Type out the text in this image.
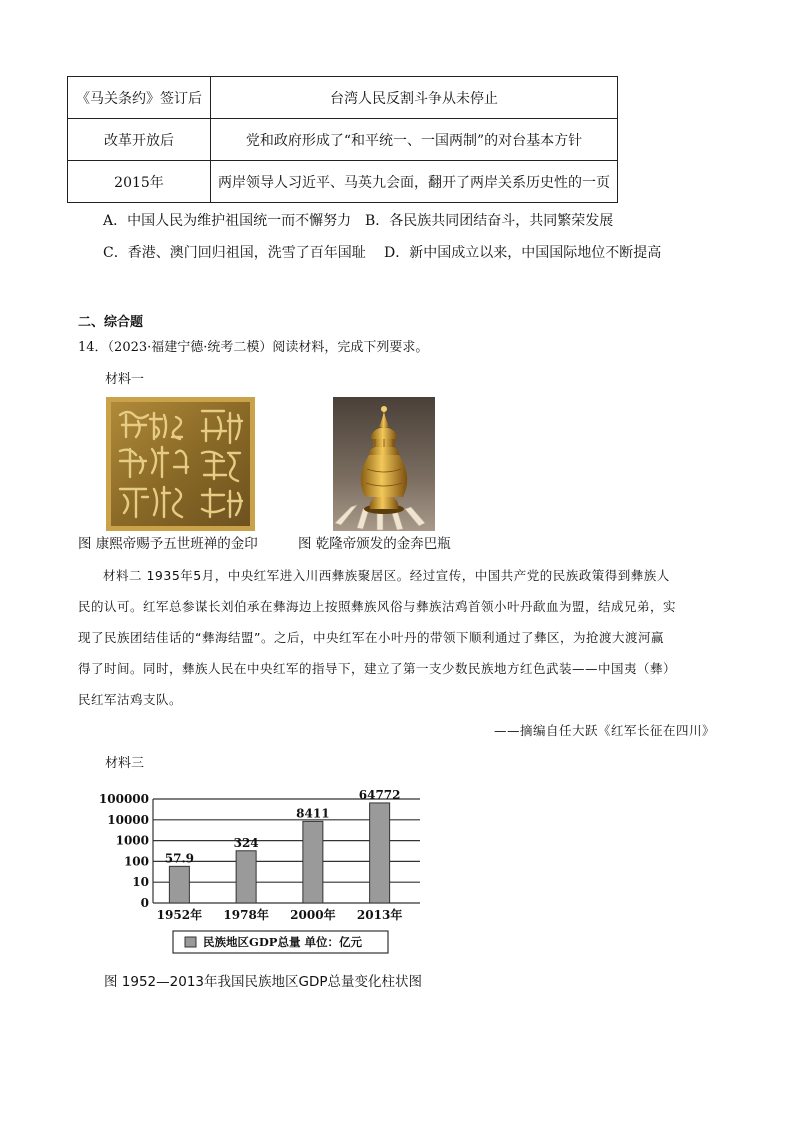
《马关条约》签订后	台湾人民反割斗争从未停止
改革开放后	党和政府形成了“和平统一、一国两制”的对台基本方针
2015年	两岸领导人习近平、马英九会面，翻开了两岸关系历史性的一页
A．中国人民为维护祖国统一而不懈努力 B．各民族共同团结奋斗，共同繁荣发展
C．香港、澳门回归祖国，洗雪了百年国耻 D．新中国成立以来，中国国际地位不断提高
二、综合题
14．（2023·福建宁德·统考二模）阅读材料，完成下列要求。
材料一
图 康熙帝赐予五世班禅的金印	图 乾隆帝颁发的金奔巴瓶
材料二 1935年5月，中央红军进入川西彝族聚居区。经过宣传，中国共产党的民族政策得到彝族人
民的认可。红军总参谋长刘伯承在彝海边上按照彝族风俗与彝族沽鸡首领小叶丹歃血为盟，结成兄弟，实
现了民族团结佳话的“彝海结盟”。之后，中央红军在小叶丹的带领下顺利通过了彝区，为抢渡大渡河赢
得了时间。同时，彝族人民在中央红军的指导下，建立了第一支少数民族地方红色武装——中国夷（彝）
民红军沽鸡支队。
——摘编自任大跃《红军长征在四川》
材料三
0
10
100
1000
10000
100000
57.9
1952年
324
1978年
8411
2000年
64772
2013年
民族地区GDP总量 单位：亿元
图 1952—2013年我国民族地区GDP总量变化柱状图
